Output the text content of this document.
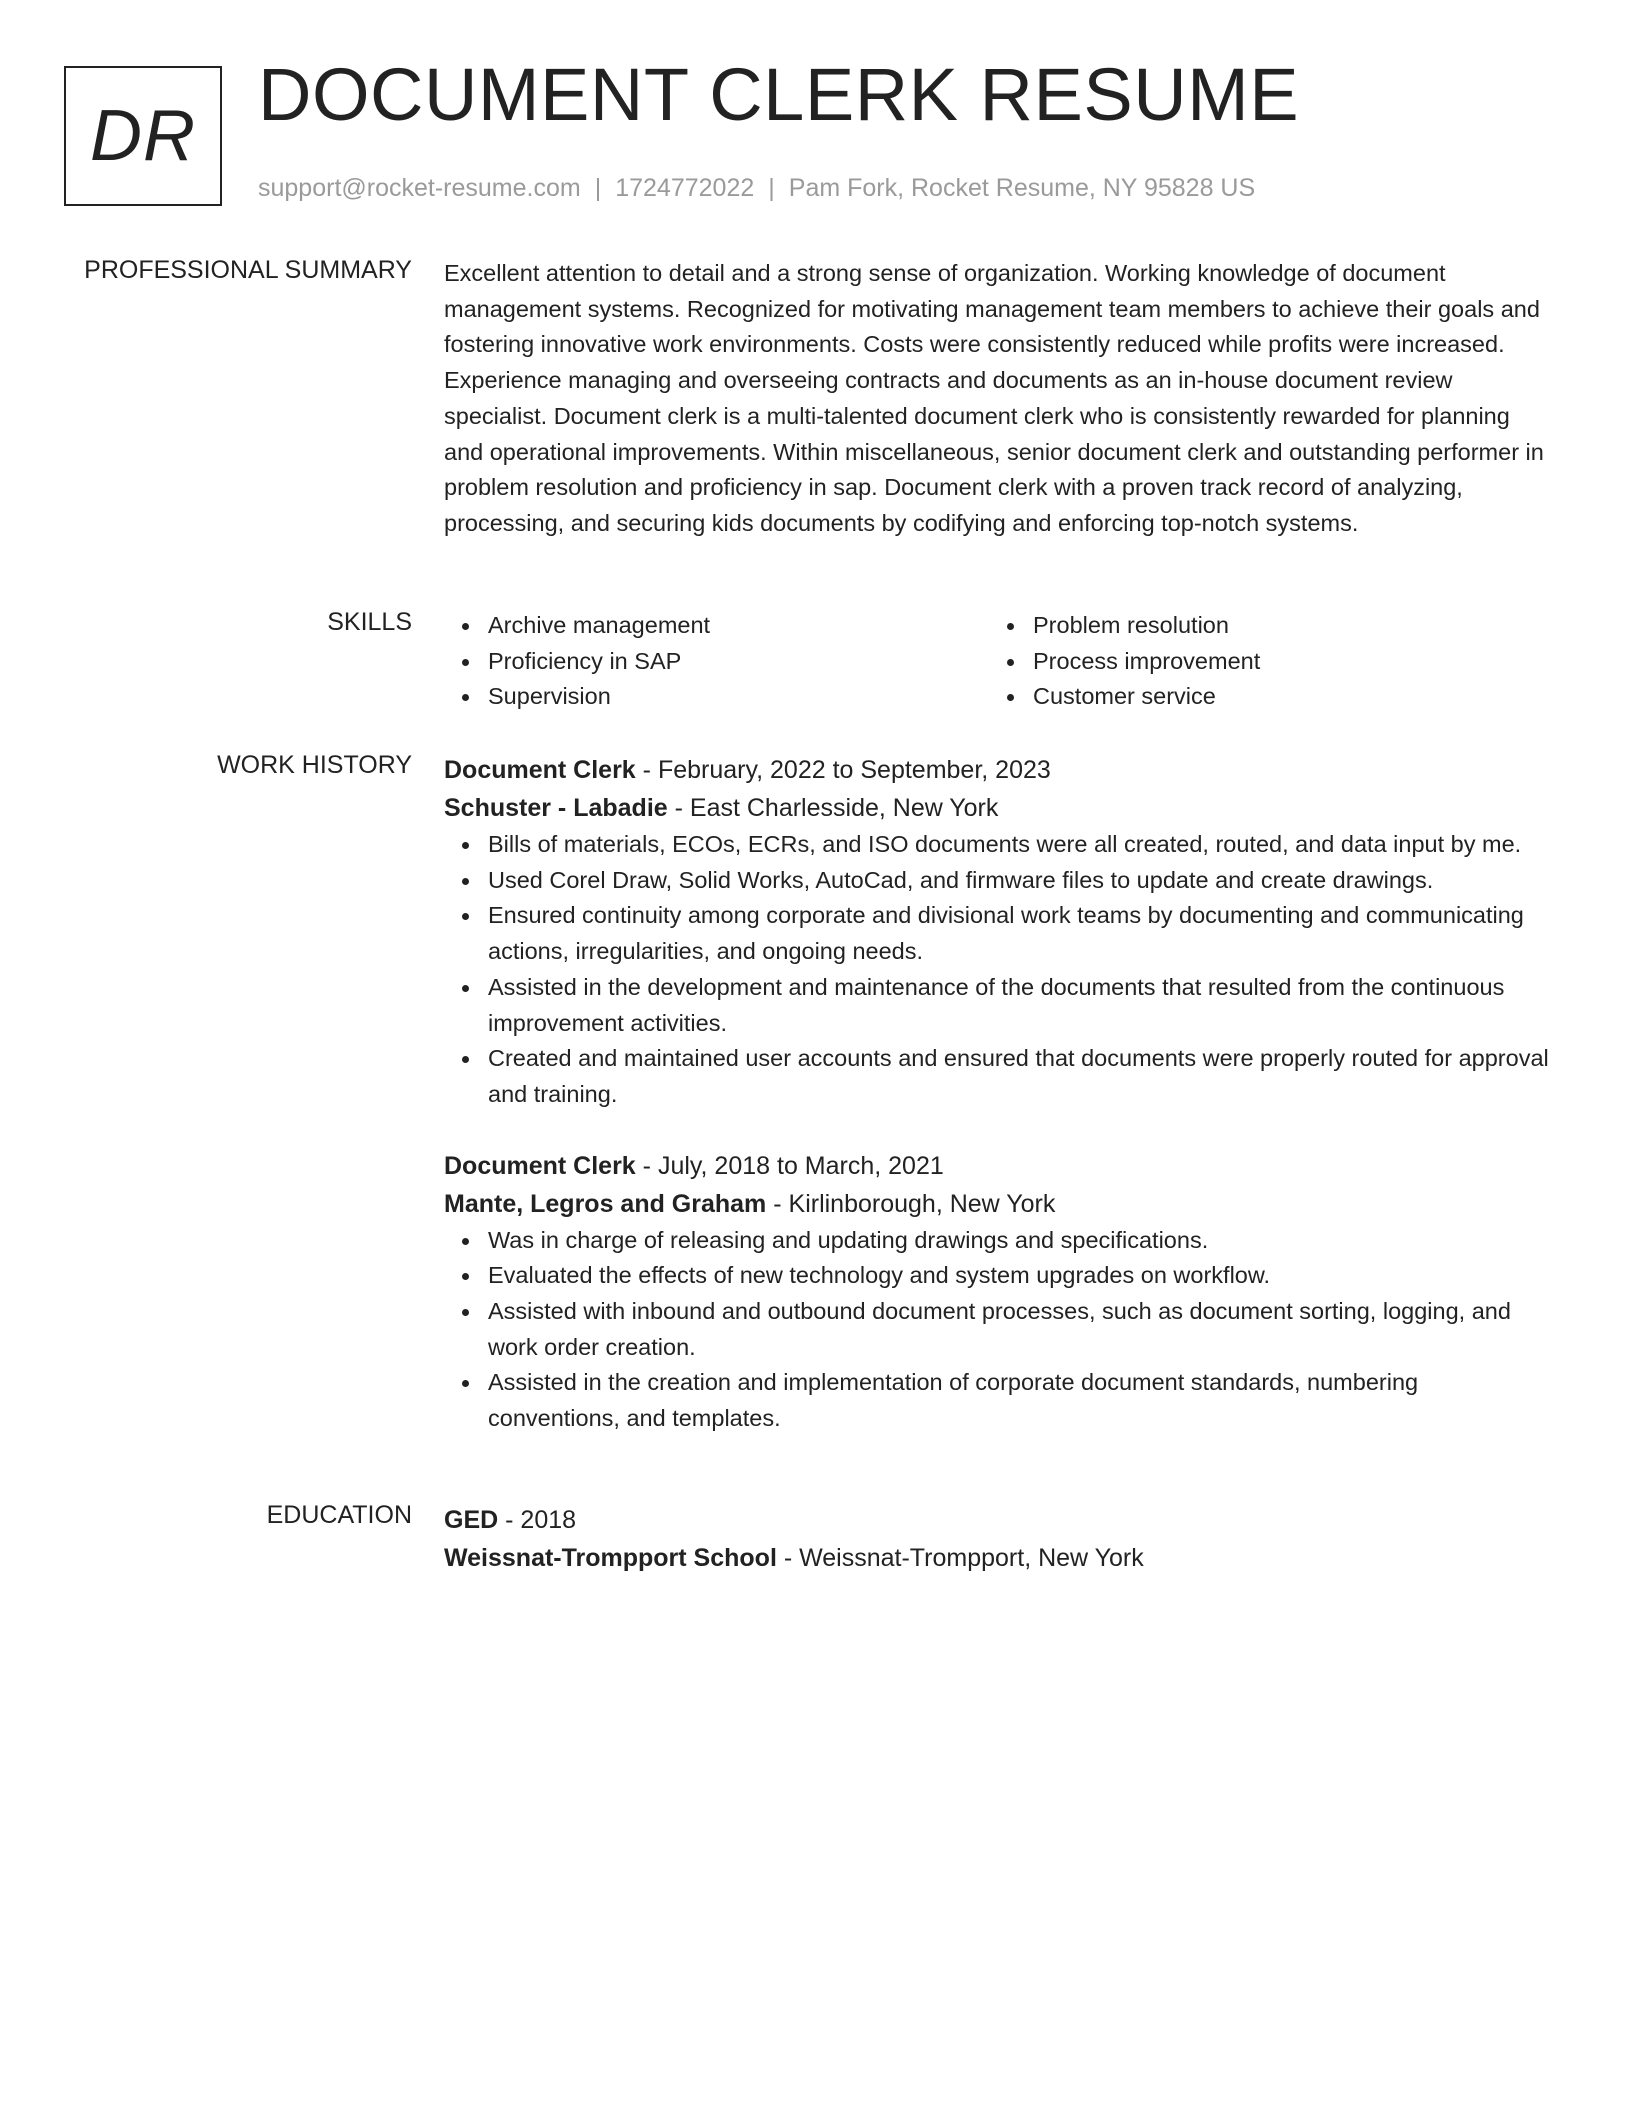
DR DOCUMENT CLERK RESUME
support@rocket-resume.com | 1724772022 | Pam Fork, Rocket Resume, NY 95828 US
PROFESSIONAL SUMMARY Excellent attention to detail and a strong sense of organization. Working knowledge of document management systems. Recognized for motivating management team members to achieve their goals and fostering innovative work environments. Costs were consistently reduced while profits were increased. Experience managing and overseeing contracts and documents as an in-house document review specialist. Document clerk is a multi-talented document clerk who is consistently rewarded for planning and operational improvements. Within miscellaneous, senior document clerk and outstanding performer in problem resolution and proficiency in sap. Document clerk with a proven track record of analyzing, processing, and securing kids documents by codifying and enforcing top-notch systems.

SKILLS	Archive management
Proficiency in SAP
Supervision
Problem resolution
Process improvement
Customer service
WORK HISTORY Document Clerk - February, 2022 to September, 2023
Schuster - Labadie - East Charlesside, New York
Bills of materials, ECOs, ECRs, and ISO documents were all created, routed, and data input by me.
Used Corel Draw, Solid Works, AutoCad, and firmware files to update and create drawings.
Ensured continuity among corporate and divisional work teams by documenting and communicating actions, irregularities, and ongoing needs.
Assisted in the development and maintenance of the documents that resulted from the continuous improvement activities.
Created and maintained user accounts and ensured that documents were properly routed for approval and training.
Document Clerk - July, 2018 to March, 2021
Mante, Legros and Graham - Kirlinborough, New York
Was in charge of releasing and updating drawings and specifications.
Evaluated the effects of new technology and system upgrades on workflow.
Assisted with inbound and outbound document processes, such as document sorting, logging, and work order creation.
Assisted in the creation and implementation of corporate document standards, numbering conventions, and templates.
EDUCATION GED - 2018
Weissnat-Trompport School - Weissnat-Trompport, New York
